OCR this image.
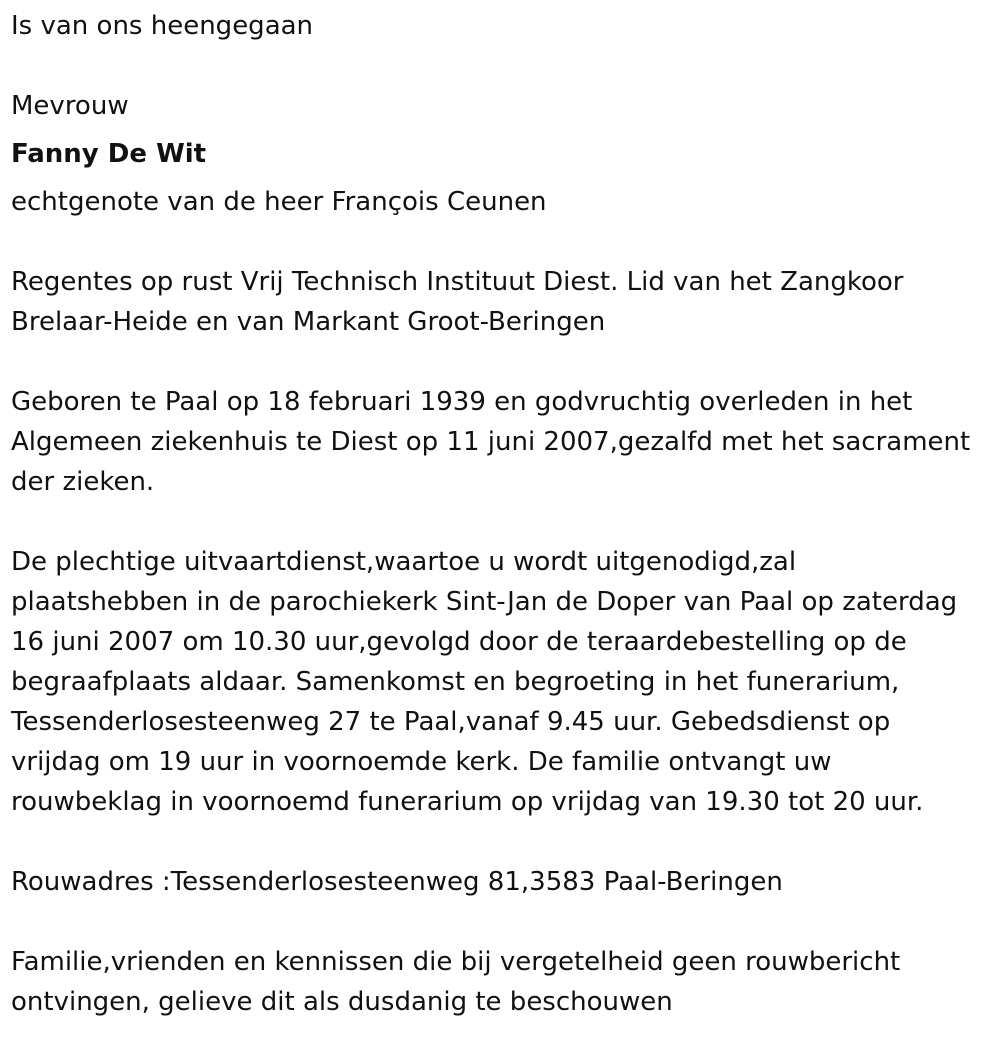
Is van ons heengegaan

Mevrouw

Fanny De Wit

echtgenote van de heer François Ceunen

Regentes op rust Vrij Technisch Instituut Diest. Lid van het Zangkoor
Brelaar-Heide en van Markant Groot-Beringen

Geboren te Paal op 18 februari 1939 en godvruchtig overleden in het
Algemeen ziekenhuis te Diest op 11 juni 2007,gezalfd met het sacrament
der zieken.

De plechtige uitvaartdienst,waartoe u wordt uitgenodigd,zal
plaatshebben in de parochiekerk Sint-Jan de Doper van Paal op zaterdag
16 juni 2007 om 10.30 uur,gevolgd door de teraardebestelling op de
begraafplaats aldaar. Samenkomst en begroeting in het funerarium,
Tessenderlosesteenweg 27 te Paal,vanaf 9.45 uur. Gebedsdienst op
vrijdag om 19 uur in voornoemde kerk. De familie ontvangt uw
rouwbeklag in voornoemd funerarium op vrijdag van 19.30 tot 20 uur.

Rouwadres :Tessenderlosesteenweg 81,3583 Paal-Beringen

Familie,vrienden en kennissen die bij vergetelheid geen rouwbericht
ontvingen, gelieve dit als dusdanig te beschouwen
